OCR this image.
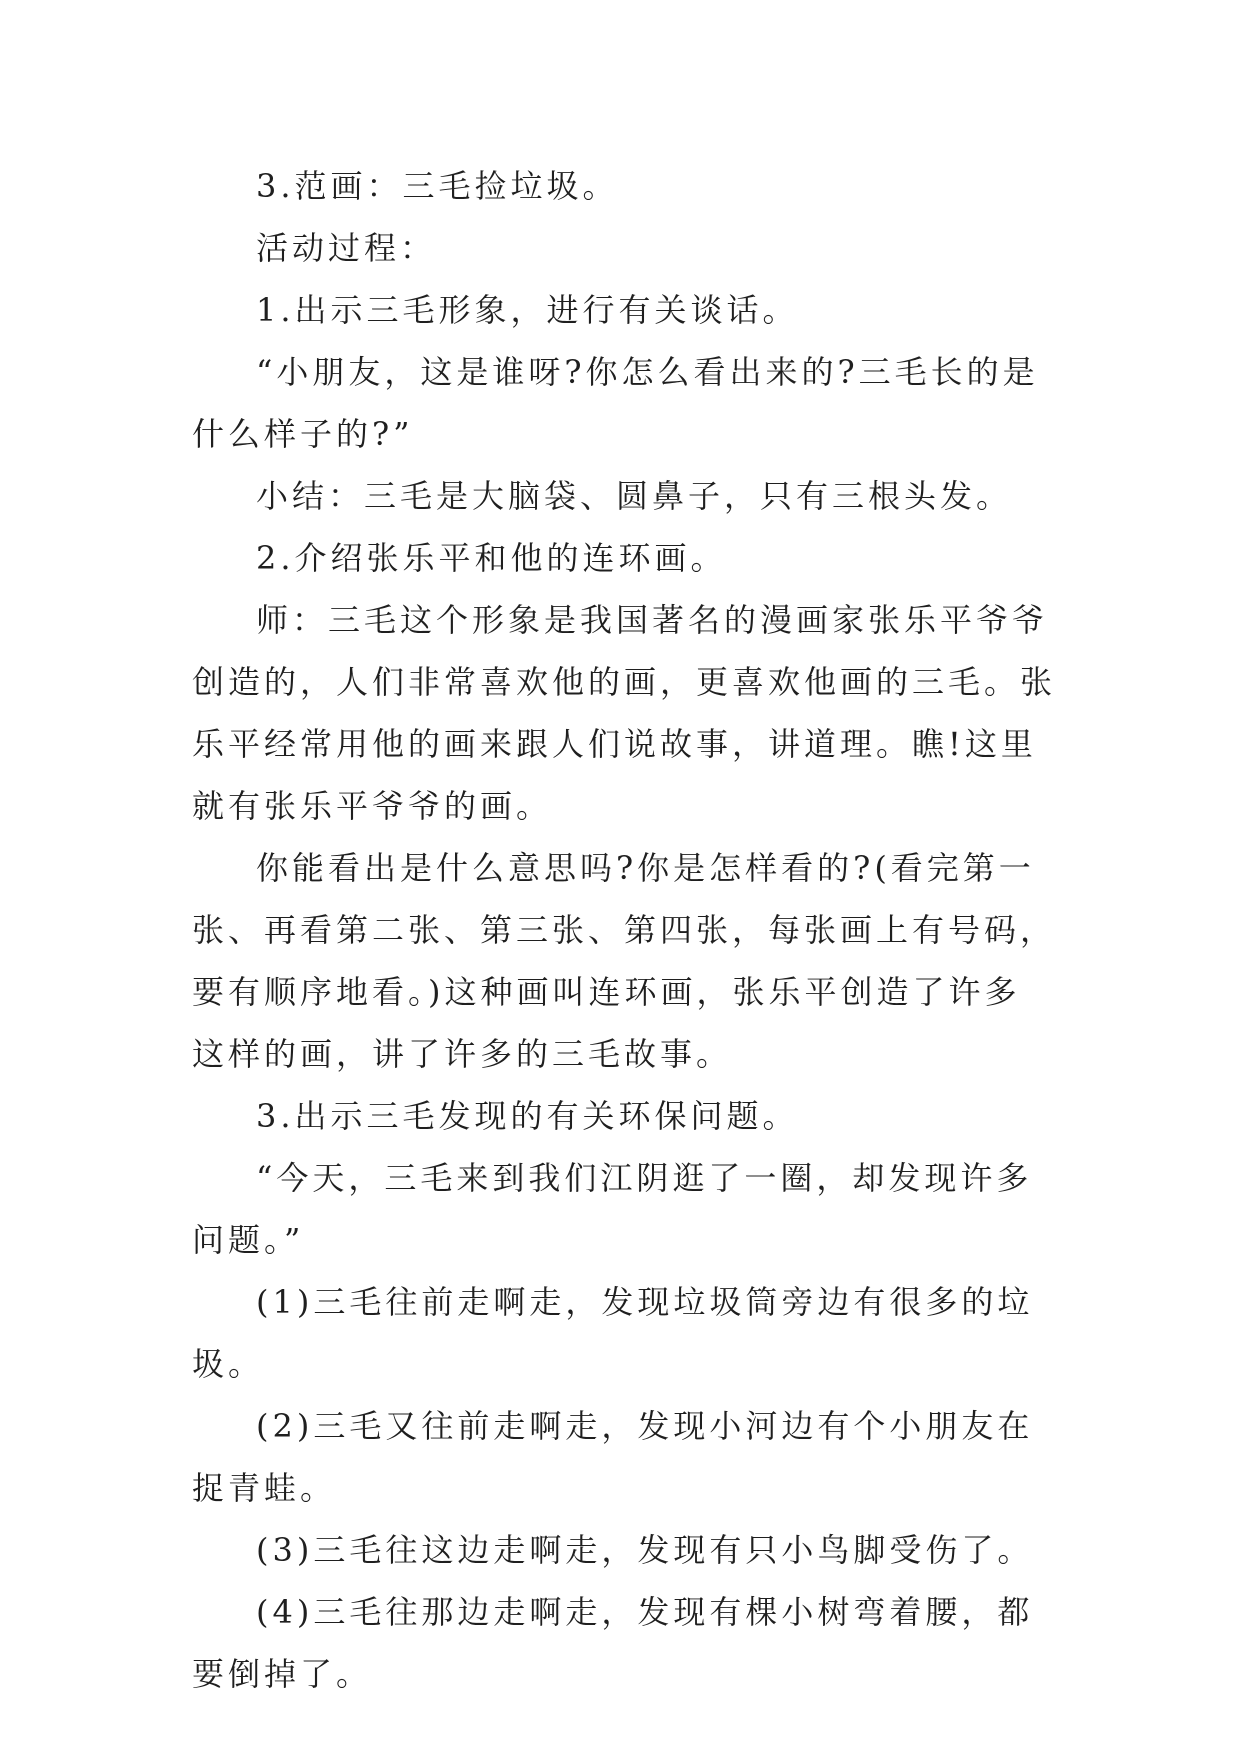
3.范画：三毛捡垃圾。

活动过程：

1.出示三毛形象，进行有关谈话。

“小朋友，这是谁呀?你怎么看出来的?三毛长的是什么样子的?”

小结：三毛是大脑袋、圆鼻子，只有三根头发。

2.介绍张乐平和他的连环画。

师：三毛这个形象是我国著名的漫画家张乐平爷爷创造的，人们非常喜欢他的画，更喜欢他画的三毛。张乐平经常用他的画来跟人们说故事，讲道理。瞧!这里就有张乐平爷爷的画。

你能看出是什么意思吗?你是怎样看的?(看完第一张、再看第二张、第三张、第四张，每张画上有号码，要有顺序地看。)这种画叫连环画，张乐平创造了许多这样的画，讲了许多的三毛故事。

3.出示三毛发现的有关环保问题。

“今天，三毛来到我们江阴逛了一圈，却发现许多问题。”

(1)三毛往前走啊走，发现垃圾筒旁边有很多的垃圾。

(2)三毛又往前走啊走，发现小河边有个小朋友在捉青蛙。

(3)三毛往这边走啊走，发现有只小鸟脚受伤了。

(4)三毛往那边走啊走，发现有棵小树弯着腰，都要倒掉了。
